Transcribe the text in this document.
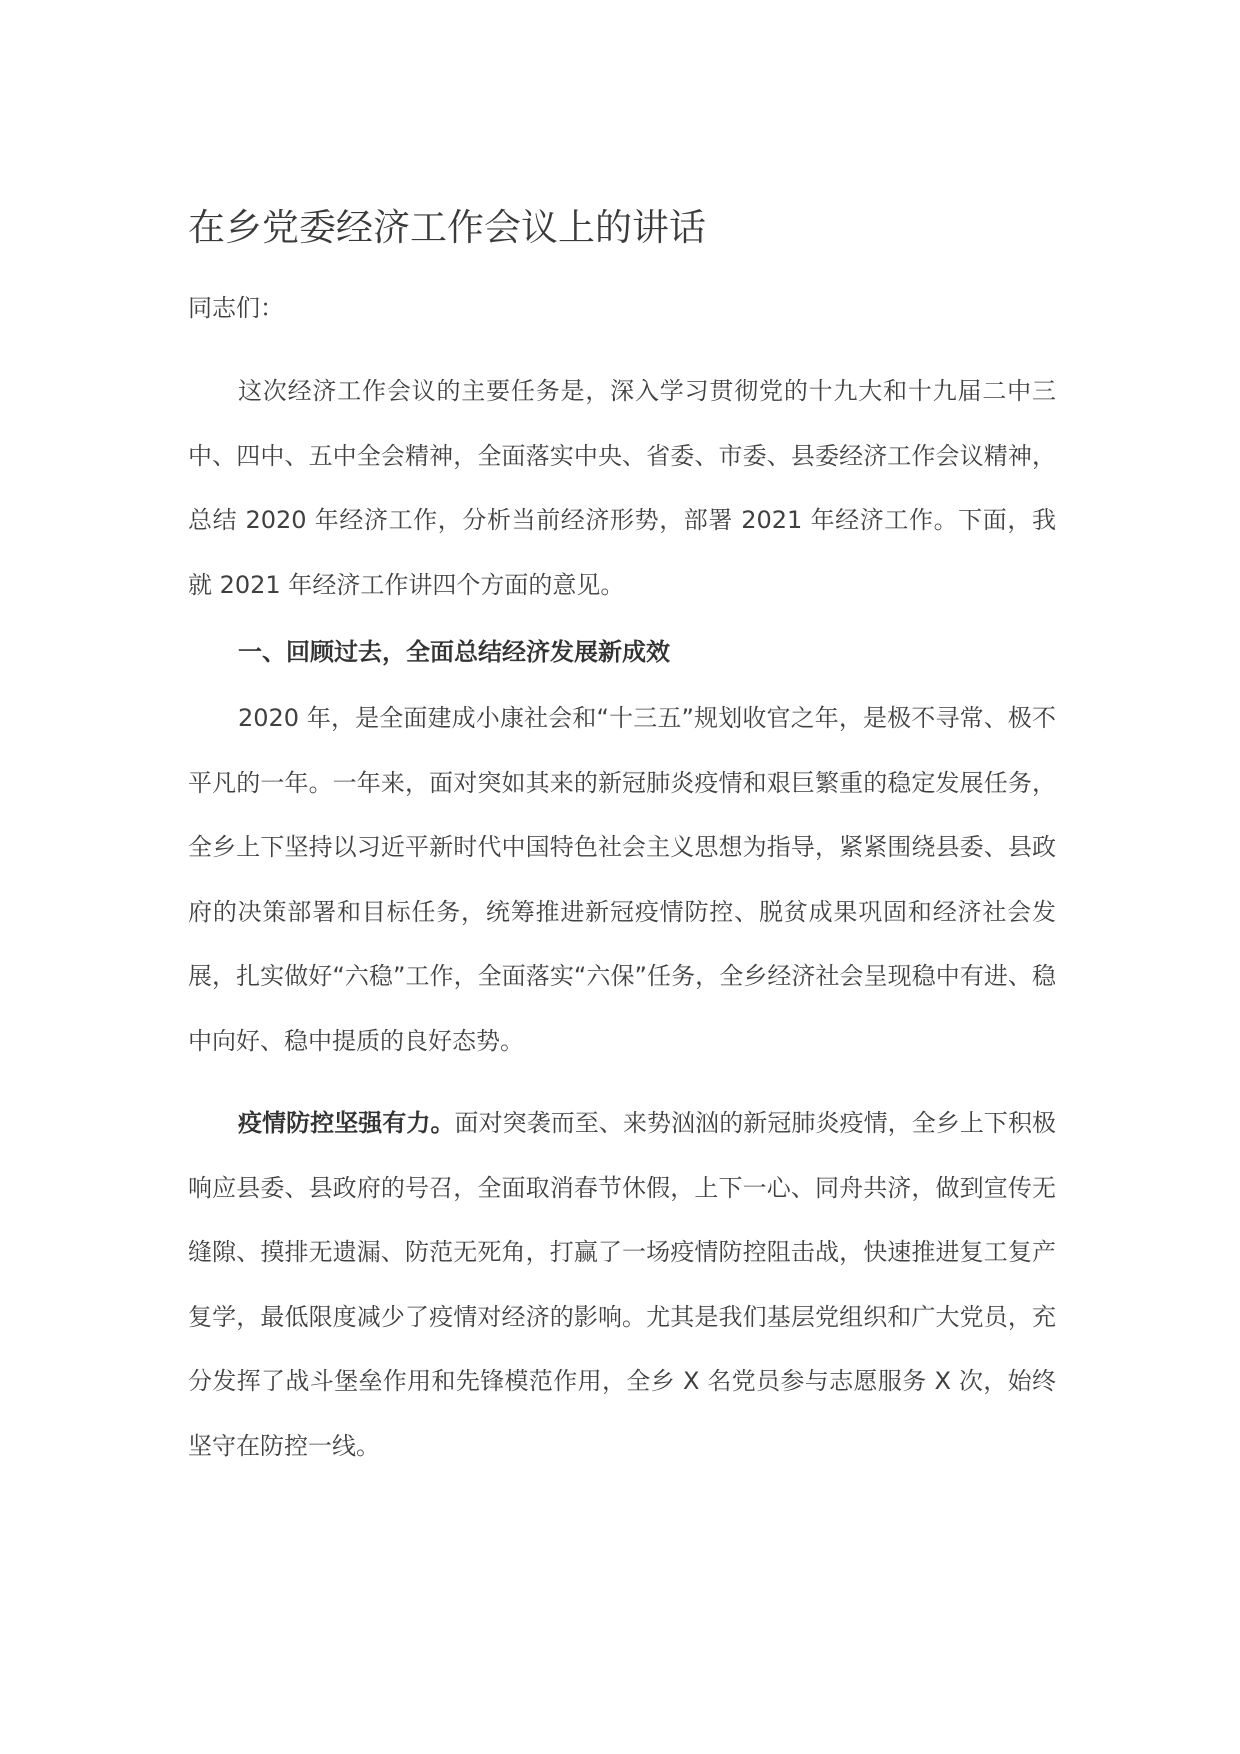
在乡党委经济工作会议上的讲话

同志们：

这次经济工作会议的主要任务是，深入学习贯彻党的十九大和十九届二中三中、四中、五中全会精神，全面落实中央、省委、市委、县委经济工作会议精神，总结 2020 年经济工作，分析当前经济形势，部署 2021 年经济工作。下面，我就 2021 年经济工作讲四个方面的意见。

一、回顾过去，全面总结经济发展新成效

2020 年，是全面建成小康社会和“十三五”规划收官之年，是极不寻常、极不平凡的一年。一年来，面对突如其来的新冠肺炎疫情和艰巨繁重的稳定发展任务，全乡上下坚持以习近平新时代中国特色社会主义思想为指导，紧紧围绕县委、县政府的决策部署和目标任务，统筹推进新冠疫情防控、脱贫成果巩固和经济社会发展，扎实做好“六稳”工作，全面落实“六保”任务，全乡经济社会呈现稳中有进、稳中向好、稳中提质的良好态势。

疫情防控坚强有力。面对突袭而至、来势汹汹的新冠肺炎疫情，全乡上下积极响应县委、县政府的号召，全面取消春节休假，上下一心、同舟共济，做到宣传无缝隙、摸排无遗漏、防范无死角，打赢了一场疫情防控阻击战，快速推进复工复产复学，最低限度减少了疫情对经济的影响。尤其是我们基层党组织和广大党员，充分发挥了战斗堡垒作用和先锋模范作用，全乡 X 名党员参与志愿服务 X 次，始终坚守在防控一线。
